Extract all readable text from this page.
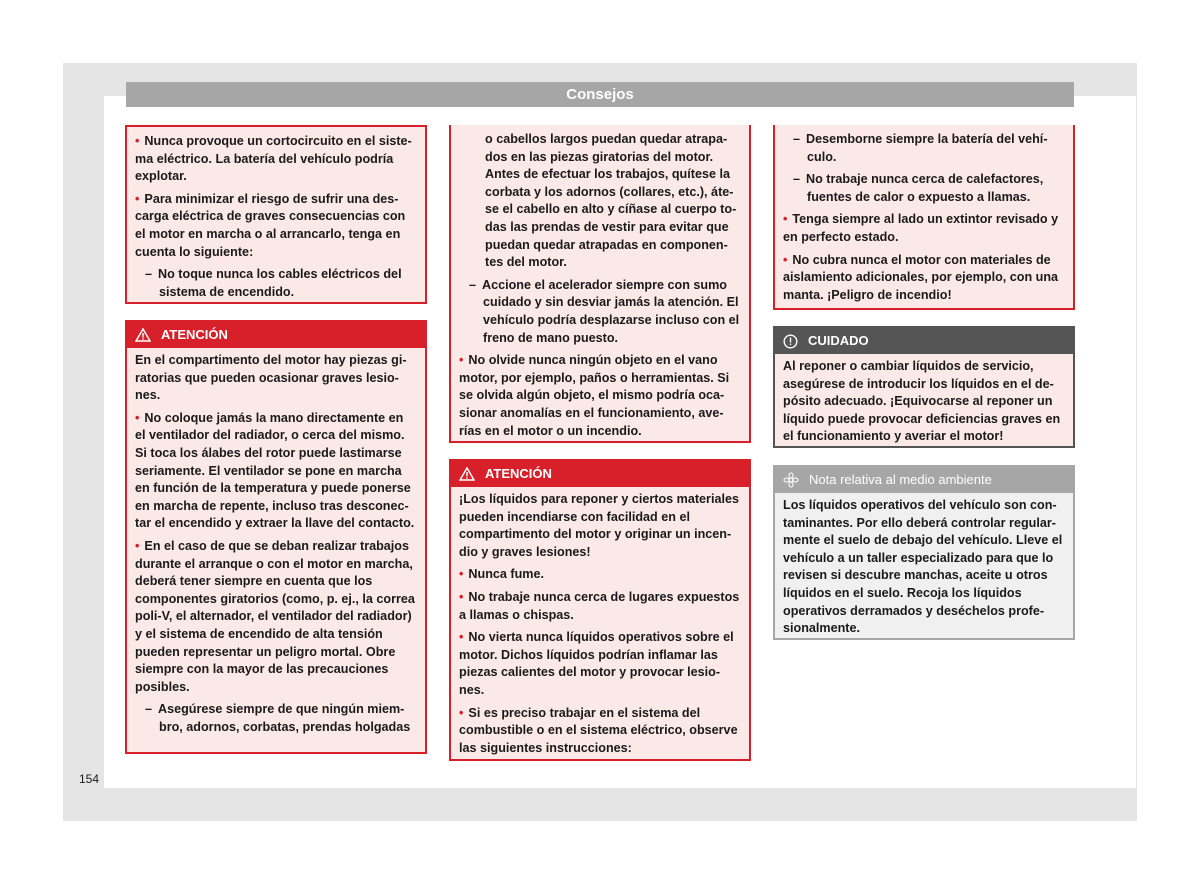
Consejos

• Nunca provoque un cortocircuito en el sistema eléctrico. La batería del vehículo podría explotar.

• Para minimizar el riesgo de sufrir una descarga eléctrica de graves consecuencias con el motor en marcha o al arrancarlo, tenga en cuenta lo siguiente:

– No toque nunca los cables eléctricos del sistema de encendido.

ATENCIÓN

En el compartimento del motor hay piezas giratorias que pueden ocasionar graves lesiones.

• No coloque jamás la mano directamente en el ventilador del radiador, o cerca del mismo. Si toca los álabes del rotor puede lastimarse seriamente. El ventilador se pone en marcha en función de la temperatura y puede ponerse en marcha de repente, incluso tras desconectar el encendido y extraer la llave del contacto.

• En el caso de que se deban realizar trabajos durante el arranque o con el motor en marcha, deberá tener siempre en cuenta que los componentes giratorios (como, p. ej., la correa poli-V, el alternador, el ventilador del radiador) y el sistema de encendido de alta tensión pueden representar un peligro mortal. Obre siempre con la mayor de las precauciones posibles.

– Asegúrese siempre de que ningún miembro, adornos, corbatas, prendas holgadas

o cabellos largos puedan quedar atrapados en las piezas giratorias del motor. Antes de efectuar los trabajos, quítese la corbata y los adornos (collares, etc.), átese el cabello en alto y cíñase al cuerpo todas las prendas de vestir para evitar que puedan quedar atrapadas en componentes del motor.

– Accione el acelerador siempre con sumo cuidado y sin desviar jamás la atención. El vehículo podría desplazarse incluso con el freno de mano puesto.

• No olvide nunca ningún objeto en el vano motor, por ejemplo, paños o herramientas. Si se olvida algún objeto, el mismo podría ocasionar anomalías en el funcionamiento, averías en el motor o un incendio.

ATENCIÓN

¡Los líquidos para reponer y ciertos materiales pueden incendiarse con facilidad en el compartimento del motor y originar un incendio y graves lesiones!

• Nunca fume.

• No trabaje nunca cerca de lugares expuestos a llamas o chispas.

• No vierta nunca líquidos operativos sobre el motor. Dichos líquidos podrían inflamar las piezas calientes del motor y provocar lesiones.

• Si es preciso trabajar en el sistema del combustible o en el sistema eléctrico, observe las siguientes instrucciones:

– Desemborne siempre la batería del vehículo.

– No trabaje nunca cerca de calefactores, fuentes de calor o expuesto a llamas.

• Tenga siempre al lado un extintor revisado y en perfecto estado.

• No cubra nunca el motor con materiales de aislamiento adicionales, por ejemplo, con una manta. ¡Peligro de incendio!

CUIDADO

Al reponer o cambiar líquidos de servicio, asegúrese de introducir los líquidos en el depósito adecuado. ¡Equivocarse al reponer un líquido puede provocar deficiencias graves en el funcionamiento y averiar el motor!

Nota relativa al medio ambiente

Los líquidos operativos del vehículo son contaminantes. Por ello deberá controlar regularmente el suelo de debajo del vehículo. Lleve el vehículo a un taller especializado para que lo revisen si descubre manchas, aceite u otros líquidos en el suelo. Recoja los líquidos operativos derramados y deséchelos profesionalmente.

154
